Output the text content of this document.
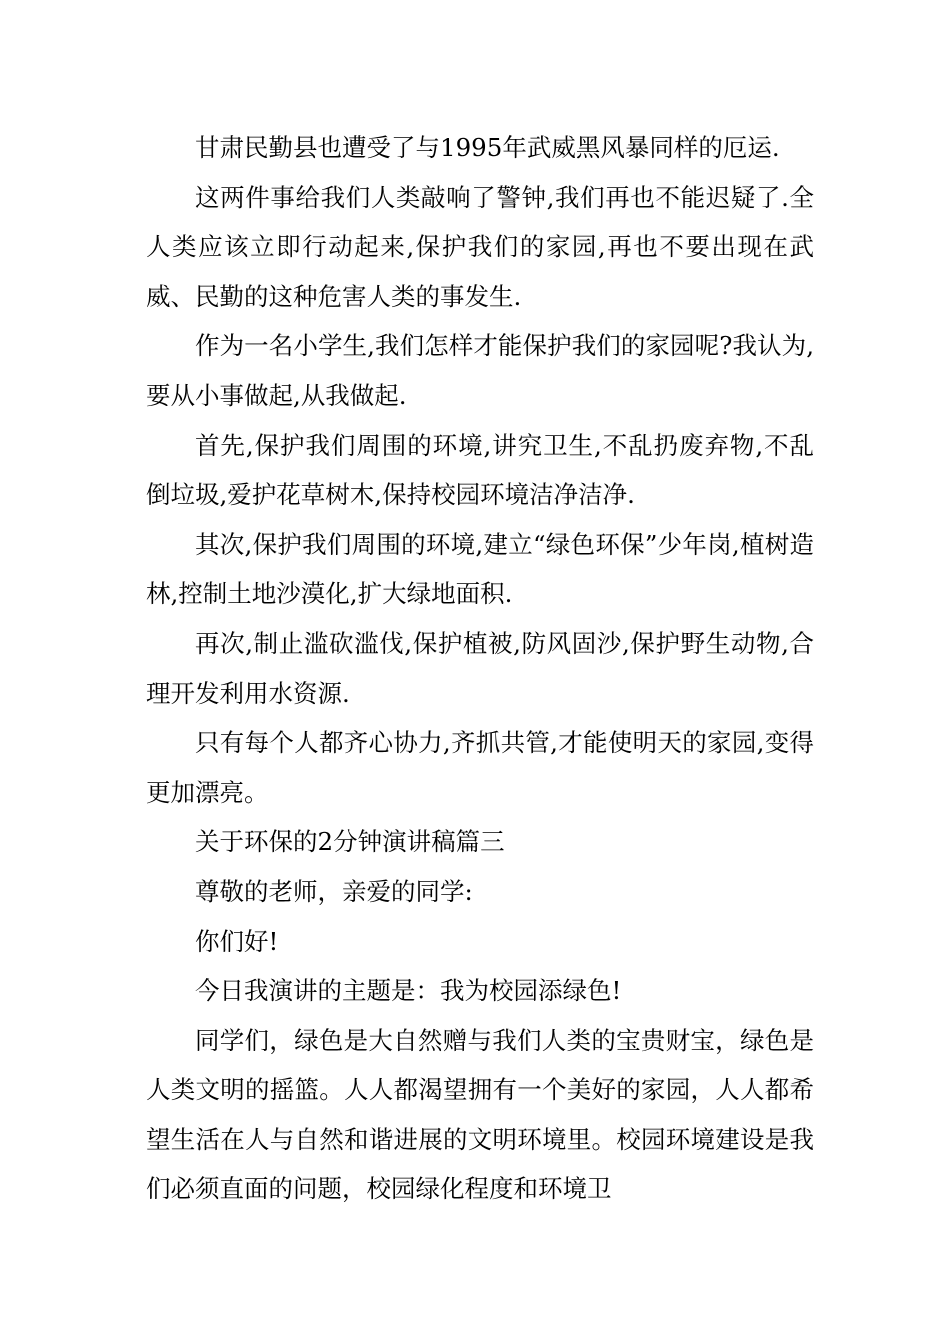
甘肃民勤县也遭受了与1995年武威黑风暴同样的厄运.

这两件事给我们人类敲响了警钟,我们再也不能迟疑了.全人类应该立即行动起来,保护我们的家园,再也不要出现在武威、民勤的这种危害人类的事发生.

作为一名小学生,我们怎样才能保护我们的家园呢?我认为,要从小事做起,从我做起.

首先,保护我们周围的环境,讲究卫生,不乱扔废弃物,不乱倒垃圾,爱护花草树木,保持校园环境洁净洁净.

其次,保护我们周围的环境,建立“绿色环保”少年岗,植树造林,控制土地沙漠化,扩大绿地面积.

再次,制止滥砍滥伐,保护植被,防风固沙,保护野生动物,合理开发利用水资源.

只有每个人都齐心协力,齐抓共管,才能使明天的家园,变得更加漂亮。

关于环保的2分钟演讲稿篇三

尊敬的老师，亲爱的同学:

你们好!

今日我演讲的主题是：我为校园添绿色!

同学们，绿色是大自然赠与我们人类的宝贵财宝，绿色是人类文明的摇篮。人人都渴望拥有一个美好的家园，人人都希望生活在人与自然和谐进展的文明环境里。校园环境建设是我们必须直面的问题，校园绿化程度和环境卫
